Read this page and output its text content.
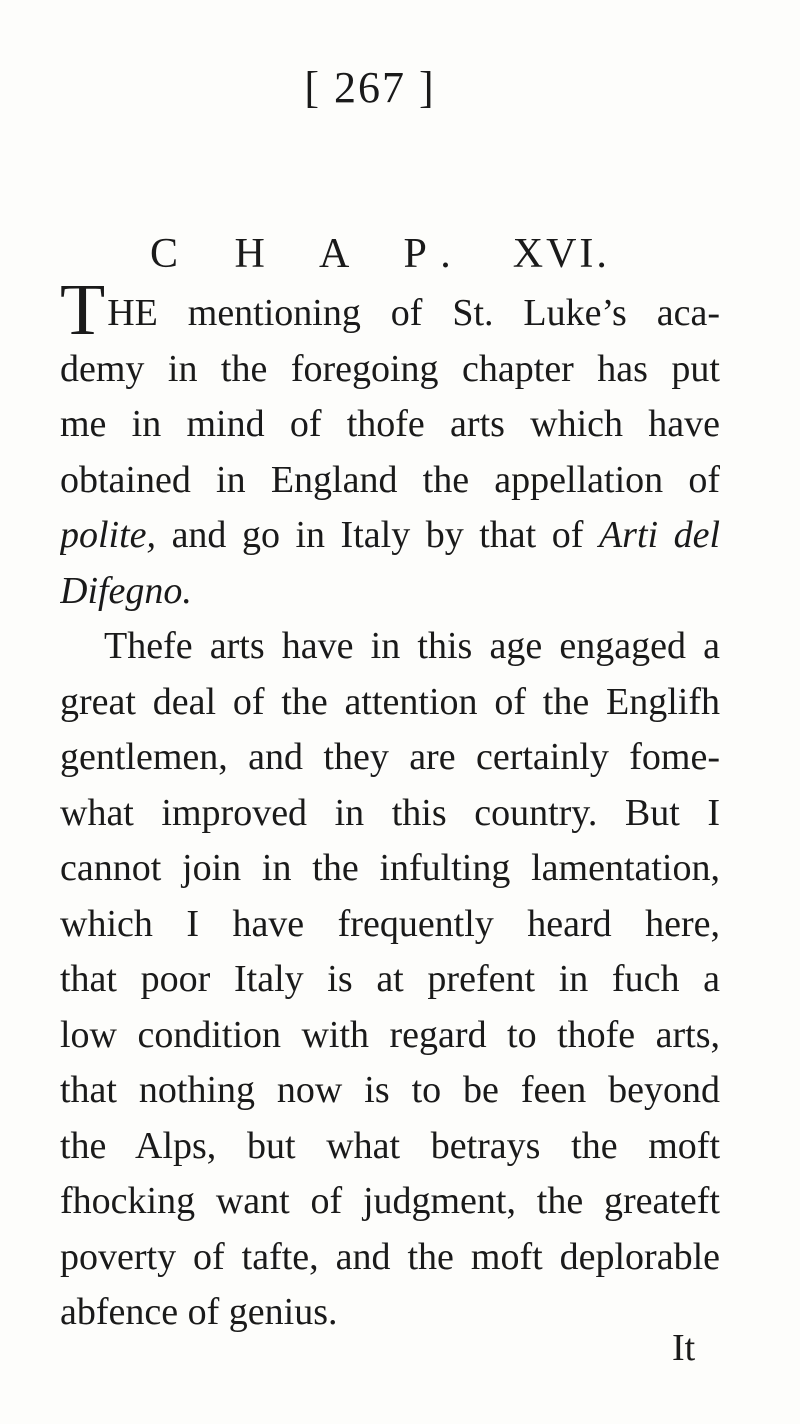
[ 267 ]
C H A P. XVI.
THE mentioning of St. Luke’s aca-
demy in the foregoing chapter has put
me in mind of thofe arts which have
obtained in England the appellation of
polite, and go in Italy by that of Arti del
Difegno.
Thefe arts have in this age engaged a
great deal of the attention of the Englifh
gentlemen, and they are certainly fome-
what improved in this country. But I
cannot join in the infulting lamentation,
which I have frequently heard here,
that poor Italy is at prefent in fuch a
low condition with regard to thofe arts,
that nothing now is to be feen beyond
the Alps, but what betrays the moft
fhocking want of judgment, the greateft
poverty of tafte, and the moft deplorable
abfence of genius.
It
